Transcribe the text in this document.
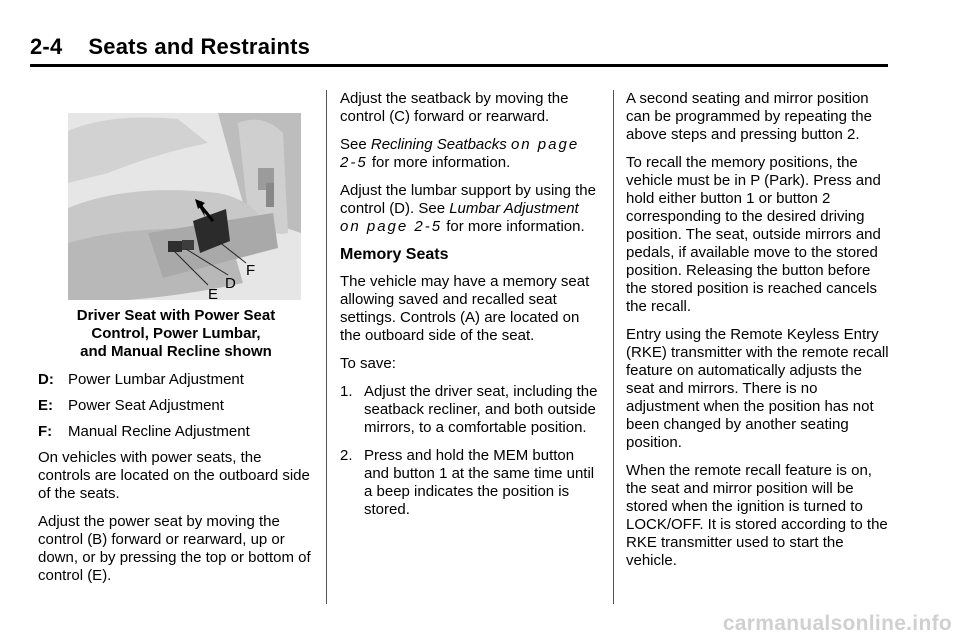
2-4 Seats and Restraints
E
D
F
Driver Seat with Power Seat
Control, Power Lumbar,
and Manual Recline shown
D: Power Lumbar Adjustment
E: Power Seat Adjustment
F: Manual Recline Adjustment

On vehicles with power seats, the controls are located on the outboard side of the seats.

Adjust the power seat by moving the control (B) forward or rearward, up or down, or by pressing the top or bottom of control (E).

Adjust the seatback by moving the control (C) forward or rearward.

See Reclining Seatbacks on page 2-5 for more information.

Adjust the lumbar support by using the control (D). See Lumbar Adjustment on page 2-5 for more information.

Memory Seats

The vehicle may have a memory seat allowing saved and recalled seat settings. Controls (A) are located on the outboard side of the seat.

To save:

1. Adjust the driver seat, including the seatback recliner, and both outside mirrors, to a comfortable position.
2. Press and hold the MEM button and button 1 at the same time until a beep indicates the position is stored.

A second seating and mirror position can be programmed by repeating the above steps and pressing button 2.

To recall the memory positions, the vehicle must be in P (Park). Press and hold either button 1 or button 2 corresponding to the desired driving position. The seat, outside mirrors and pedals, if available move to the stored position. Releasing the button before the stored position is reached cancels the recall.

Entry using the Remote Keyless Entry (RKE) transmitter with the remote recall feature on automatically adjusts the seat and mirrors. There is no adjustment when the position has not been changed by another seating position.

When the remote recall feature is on, the seat and mirror position will be stored when the ignition is turned to LOCK/OFF. It is stored according to the RKE transmitter used to start the vehicle.

carmanualsonline.info
